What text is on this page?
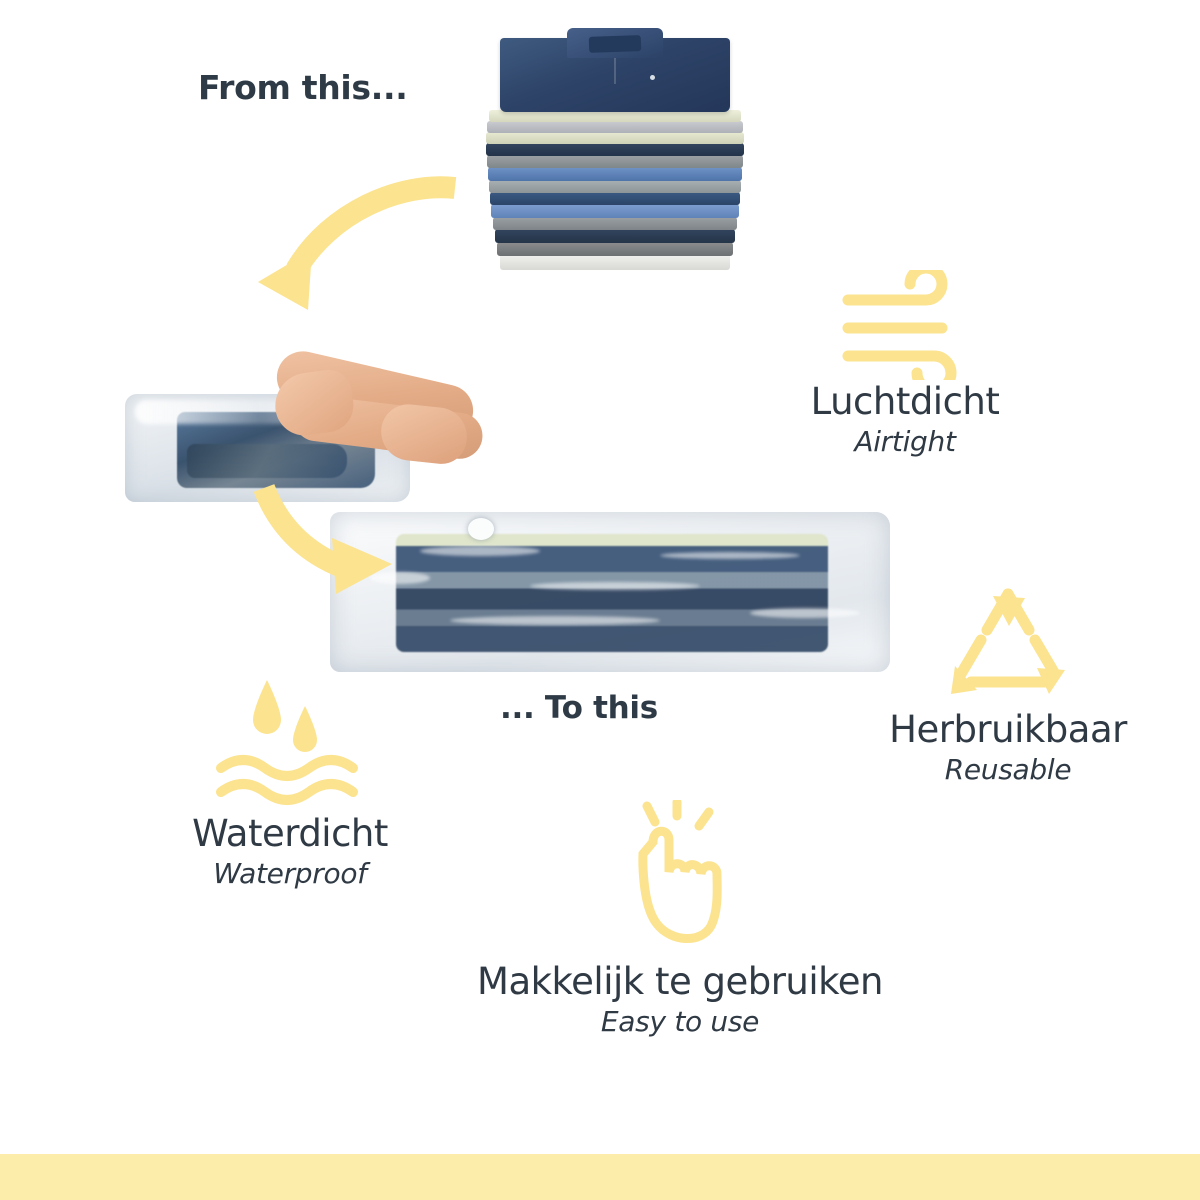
From this...
... To this
Luchtdicht
Airtight
Herbruikbaar
Reusable
Waterdicht
Waterproof
Makkelijk te gebruiken
Easy to use
